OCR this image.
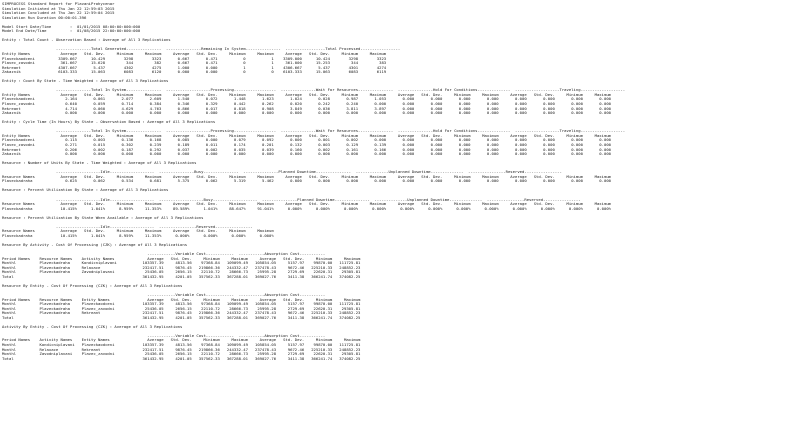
SIMPROCESS Standard Report for PlavaniProhycenar
Simulation Initiated at Thu Jan 22 12:59:03 2015
Simulation Concluded at Thu Jan 22 12:59:04 2015
Simulation Run Duration 00:00:01.396
Model Start Date/Time        :  01/01/2015 08:00:00:000:000
Model End Date/Time          :  01/08/2015 22:00:00:000:000
Entity : Total Count - Observation Based : Average of All 3 Replications
---------------Total Generated---------------  ---------------Remaining In System---------------  -----------------Total Processed-----------------
Entity Names             Average   Std. Dev.     Minimum     Maximum     Average   Std. Dev.     Minimum     Maximum     Average   Std. Dev.     Minimum     Maximum
Plaveckaodceni          3309.667      10.429        3298        3323       0.667       0.471           0           1    3309.000      10.424        3298        3323
Plavec_zavodni           361.667      15.628         344         382       0.667       0.471           0           1     361.000      15.253         344         383
Rekreant                4307.667       5.437        4302        4275       1.000       0.000           1           1    4306.667       5.437        4301        4274
Zakaznik                6103.333      15.063        6083        6120       0.000       0.000           0           0    6103.333      15.063        6083        6119
Entity : Count By State - Time Weighted : Average of All 3 Replications
---------------Total In System---------------  -------------------Processing------------------  ---------------Wait For Resources---------------  ---------------Hold For Conditions--------------  -------------------Traveling-------------------
Entity Names             Average   Std. Dev.     Minimum     Maximum     Average   Std. Dev.     Minimum     Maximum     Average   Std. Dev.     Minimum     Maximum     Average   Std. Dev.     Minimum     Maximum     Average   Std. Dev.     Minimum     Maximum
Plaveckaodceni             2.164       0.061       2.077       2.609       1.540       0.072       1.448       1.623       1.024       0.028       0.987       1.053       0.000       0.000       0.000       0.000       0.000       0.000       0.000       0.000
Plavec_zavodni             0.640       0.059       0.714       0.384       0.346       0.329       0.442       0.262       0.020       0.242       0.240       0.000       0.000       0.000       0.000       0.000       0.000       0.000       0.000       0.000
Rekreant                   4.714       0.060       4.629       4.763       0.866       0.017       0.818       0.908       3.849       0.036       3.811       3.897       0.000       0.000       0.000       0.000       0.000       0.000       0.000       0.000
Zakaznik                   0.000       0.000       0.000       0.000       0.000       0.000       0.000       0.000       0.000       0.000       0.000       0.000       0.000       0.000       0.000       0.000       0.000       0.000       0.000       0.000
Entity : Cycle Time (In Hours) By State - Observation Based : Average of All 3 Replications
---------------Total In System---------------  -------------------Processing------------------  ---------------Wait For Resources---------------  ---------------Hold For Conditions--------------  -------------------Traveling-------------------
Entity Names             Average   Std. Dev.     Minimum     Maximum     Average   Std. Dev.     Minimum     Maximum     Average   Std. Dev.     Minimum     Maximum     Average   Std. Dev.     Minimum     Maximum     Average   Std. Dev.     Minimum     Maximum
Plaveckaodceni             0.115       0.003       0.136       0.168       0.085       0.000       0.079       0.092       0.000       0.001       0.002       0.000       0.000       0.000       0.000       0.000       0.000       0.000       0.000       0.000
Plavec_zavodni             0.271       0.015       0.302       0.239       0.189       0.011       0.174       0.201       0.132       0.003       0.129       0.139       0.000       0.000       0.000       0.000       0.000       0.000       0.000       0.000
Rekreant                   0.206       0.002       0.187       0.292       0.037       0.002       0.035       0.039       0.160       0.002       0.161       0.166       0.000       0.000       0.000       0.000       0.000       0.000       0.000       0.000
Zakaznik                   0.000       0.000       0.000       0.000       0.000       0.000       0.000       0.000       0.000       0.000       0.000       0.000       0.000       0.000       0.000       0.000       0.000       0.000       0.000       0.000
Resource : Number of Units By State - Time Weighted : Average of All 3 Replications
-------------------Idle-------------------  ---------------Busy---------------  ---------------Planned Downtime---------------  --------------Unplanned Downtime--------------  ----------------Reserved----------------
Resource Names           Average   Std. Dev.     Minimum     Maximum     Average   Std. Dev.     Minimum     Maximum     Average   Std. Dev.     Minimum     Maximum     Average   Std. Dev.     Minimum     Maximum     Average   Std. Dev.     Minimum     Maximum
Plaveckadraha              0.625       0.062       0.534       0.681       5.375       0.062       5.319       5.462       0.000       0.000       0.000       0.000       0.000       0.000       0.000       0.000       0.000       0.000       0.000       0.000
Resource : Percent Utilization By State : Average of All 3 Replications
-------------------Idle-------------------  -------------------Busy-------------------  ---------------Planned Downtime---------------  --------------Unplanned Downtime--------------  ----------------Reserved----------------
Resource Names           Average   Std. Dev.     Minimum     Maximum     Average   Std. Dev.     Minimum     Maximum     Average   Std. Dev.     Minimum     Maximum     Average   Std. Dev.     Minimum     Maximum     Average   Std. Dev.     Minimum     Maximum
Plaveckadraha            10.415%      1.041%      8.959%     11.353%     89.589%      1.041%     88.647%     91.041%      0.000%      0.000%      0.000%      0.000%      0.000%      0.000%      0.000%      0.000%      0.000%      0.000%      0.000%      0.000%
Resource : Percent Utilization By State When Available : Average of All 3 Replications
-------------------Idle-------------------  ----------------Reserved----------------
Resource Names           Average   Std. Dev.     Minimum     Maximum     Average   Std. Dev.     Minimum     Maximum
Plaveckadraha            10.415%      1.041%      8.959%     11.353%      0.000%      0.000%      0.000%      0.000%
Resource By Activity - Cost Of Processing (CZK) : Average of All 3 Replications
------------Variable Cost------------  -----------Absorption Cost-----------
Period Names    Resource Names    Activity Names              Average   Std. Dev.     Minimum     Maximum     Average   Std. Dev.     Minimum     Maximum
Monthl          Plaveckadraha     Kondicniplavani           103357.39     4813.56    97368.84   109099.49   105854.05     5157.97    99870.00   111725.81
Monthl          Plaveckadraha     Relaxace                  232417.51     9876.45   219866.36   244332.47   237478.43     9672.46   225210.33   248852.23
Monthl          Plaveckadraha     Zavodniplavani             25436.05     2656.15    22110.72    28666.73    25995.28     2729.69    22620.31    29305.81
Total                                                       361432.95     4201.05   357562.33   367288.01   369027.76     3411.38   366241.74   374082.25
Resource By Entity - Cost Of Processing (CZK) : Average of All 3 Replications
------------Variable Cost------------  -----------Absorption Cost-----------
Period Names    Resource Names    Entity Names                Average   Std. Dev.     Minimum     Maximum     Average   Std. Dev.     Minimum     Maximum
Monthl          Plaveckadraha     Plaveckaodceni            103357.39     4813.56    97368.84   109099.49   105854.05     5157.97    99870.00   111725.81
Monthl          Plaveckadraha     Plavec_zavodni             25436.05     2656.15    22110.72    28666.73    25995.28     2729.69    22620.31    29305.81
Monthl          Plaveckadraha     Rekreant                  232417.51     9876.45   219866.36   244332.47   237478.43     9672.46   225210.33   248852.23
Total                                                       361432.95     4201.05   357562.33   367288.01   369027.76     3411.38   366241.74   374082.25
Activity By Entity - Cost Of Processing (CZK) : Average of All 3 Replications
------------Variable Cost------------  -----------Absorption Cost-----------
Period Names    Activity Names    Entity Names                Average   Std. Dev.     Minimum     Maximum     Average   Std. Dev.     Minimum     Maximum
Monthl          Kondicniplavani   Plaveckaodceni            103357.39     4813.56    97368.84   109099.49   105854.05     5157.97    99870.00   111725.81
Monthl          Relaxace          Rekreant                  232417.51     9876.45   219866.36   244332.47   237478.43     9672.46   225210.33   248852.23
Monthl          Zavodniplavani    Plavec_zavodni             25436.05     2656.15    22110.72    28666.73    25995.28     2729.69    22620.31    29305.81
Total                                                       361432.95     4201.05   357562.33   367288.01   369027.76     3411.38   366241.74   374082.25
